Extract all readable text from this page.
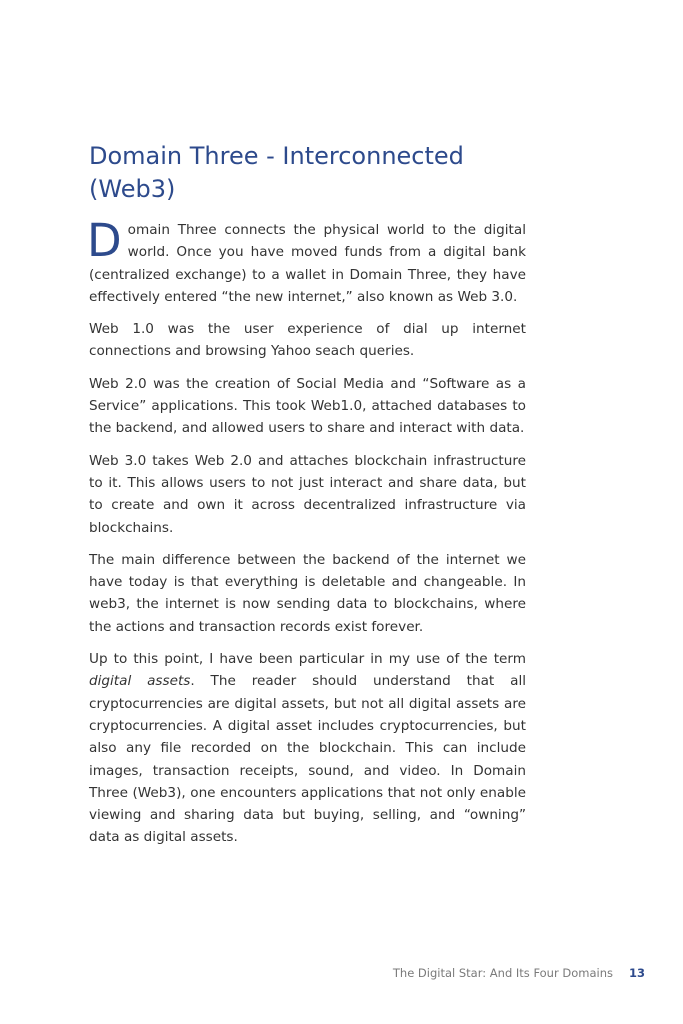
Domain Three - Interconnected (Web3)

Domain Three connects the physical world to the digital world. Once you have moved funds from a digital bank (centralized exchange) to a wallet in Domain Three, they have effectively entered “the new internet,” also known as Web 3.0.

Web 1.0 was the user experience of dial up internet connections and browsing Yahoo seach queries.

Web 2.0 was the creation of Social Media and “Software as a Service” applications. This took Web1.0, attached databases to the backend, and allowed users to share and interact with data.

Web 3.0 takes Web 2.0 and attaches blockchain infrastructure to it. This allows users to not just interact and share data, but to create and own it across decentralized infrastructure via blockchains.

The main difference between the backend of the internet we have today is that everything is deletable and changeable. In web3, the internet is now sending data to blockchains, where the actions and transaction records exist forever.

Up to this point, I have been particular in my use of the term digital assets. The reader should understand that all cryptocurrencies are digital assets, but not all digital assets are cryptocurrencies. A digital asset includes cryptocurrencies, but also any file recorded on the blockchain. This can include images, transaction receipts, sound, and video. In Domain Three (Web3), one encounters applications that not only enable viewing and sharing data but buying, selling, and “owning” data as digital assets.

The Digital Star: And Its Four Domains 13
